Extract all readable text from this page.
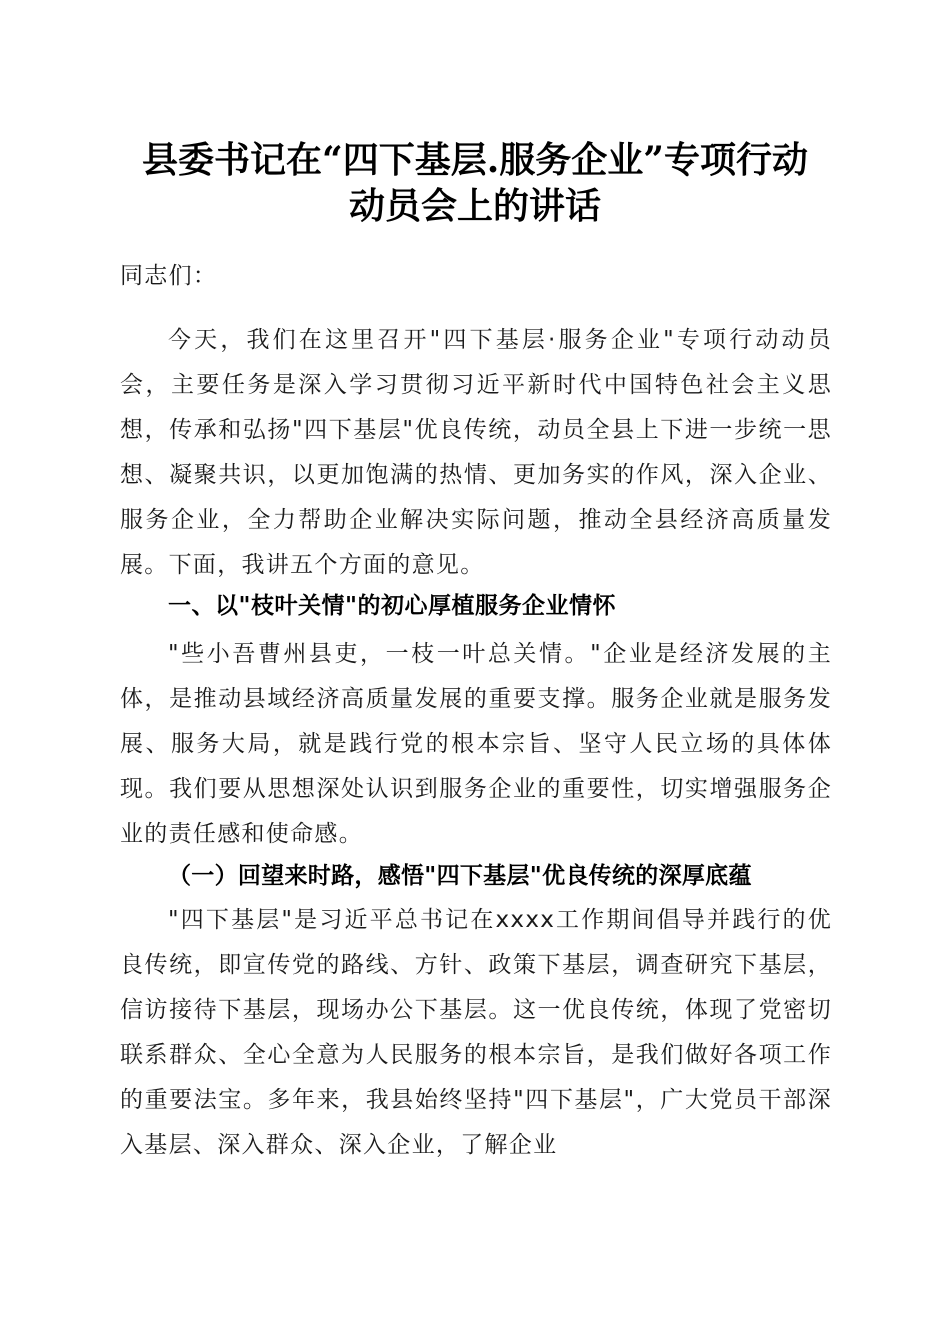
县委书记在“四下基层.服务企业”专项行动
动员会上的讲话

同志们：

今天，我们在这里召开"四下基层·服务企业"专项行动动员会，主要任务是深入学习贯彻习近平新时代中国特色社会主义思想，传承和弘扬"四下基层"优良传统，动员全县上下进一步统一思想、凝聚共识，以更加饱满的热情、更加务实的作风，深入企业、服务企业，全力帮助企业解决实际问题，推动全县经济高质量发展。下面，我讲五个方面的意见。

一、以"枝叶关情"的初心厚植服务企业情怀

"些小吾曹州县吏，一枝一叶总关情。"企业是经济发展的主体，是推动县域经济高质量发展的重要支撑。服务企业就是服务发展、服务大局，就是践行党的根本宗旨、坚守人民立场的具体体现。我们要从思想深处认识到服务企业的重要性，切实增强服务企业的责任感和使命感。

（一）回望来时路，感悟"四下基层"优良传统的深厚底蕴

"四下基层"是习近平总书记在xxxx工作期间倡导并践行的优良传统，即宣传党的路线、方针、政策下基层，调查研究下基层，信访接待下基层，现场办公下基层。这一优良传统，体现了党密切联系群众、全心全意为人民服务的根本宗旨，是我们做好各项工作的重要法宝。多年来，我县始终坚持"四下基层"，广大党员干部深入基层、深入群众、深入企业，了解企业
